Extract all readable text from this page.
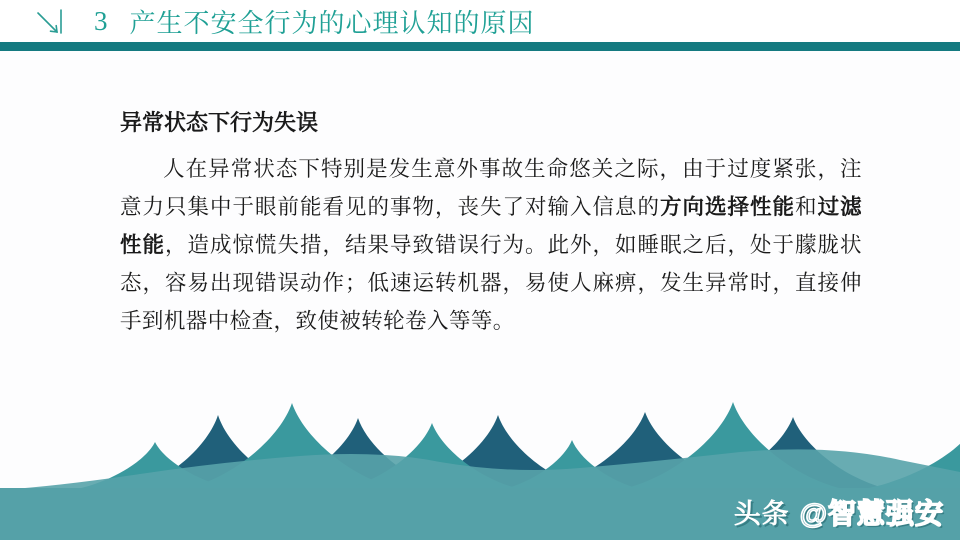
3 产生不安全行为的心理认知的原因
异常状态下行为失误
人在异常状态下特别是发生意外事故生命悠关之际，由于过度紧张，注意力只集中于眼前能看见的事物，丧失了对输入信息的方向选择性能和过滤性能，造成惊慌失措，结果导致错误行为。此外，如睡眠之后，处于朦胧状态，容易出现错误动作；低速运转机器，易使人麻痹，发生异常时，直接伸手到机器中检查，致使被转轮卷入等等。
头条 @智慧强安
